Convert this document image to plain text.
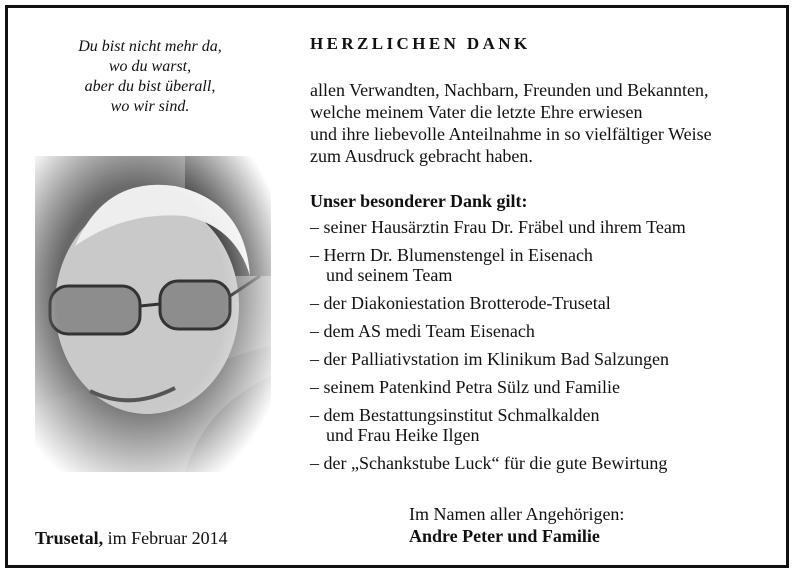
Du bist nicht mehr da,
wo du warst,
aber du bist überall,
wo wir sind.
HERZLICHEN DANK
allen Verwandten, Nachbarn, Freunden und Bekannten,
welche meinem Vater die letzte Ehre erwiesen
und ihre liebevolle Anteilnahme in so vielfältiger Weise
zum Ausdruck gebracht haben.
Unser besonderer Dank gilt:
– seiner Hausärztin Frau Dr. Fräbel und ihrem Team
– Herrn Dr. Blumenstengel in Eisenach
und seinem Team
– der Diakoniestation Brotterode-Trusetal
– dem AS medi Team Eisenach
– der Palliativstation im Klinikum Bad Salzungen
– seinem Patenkind Petra Sülz und Familie
– dem Bestattungsinstitut Schmalkalden
und Frau Heike Ilgen
– der „Schankstube Luck“ für die gute Bewirtung
Im Namen aller Angehörigen:
Andre Peter und Familie
Trusetal, im Februar 2014
